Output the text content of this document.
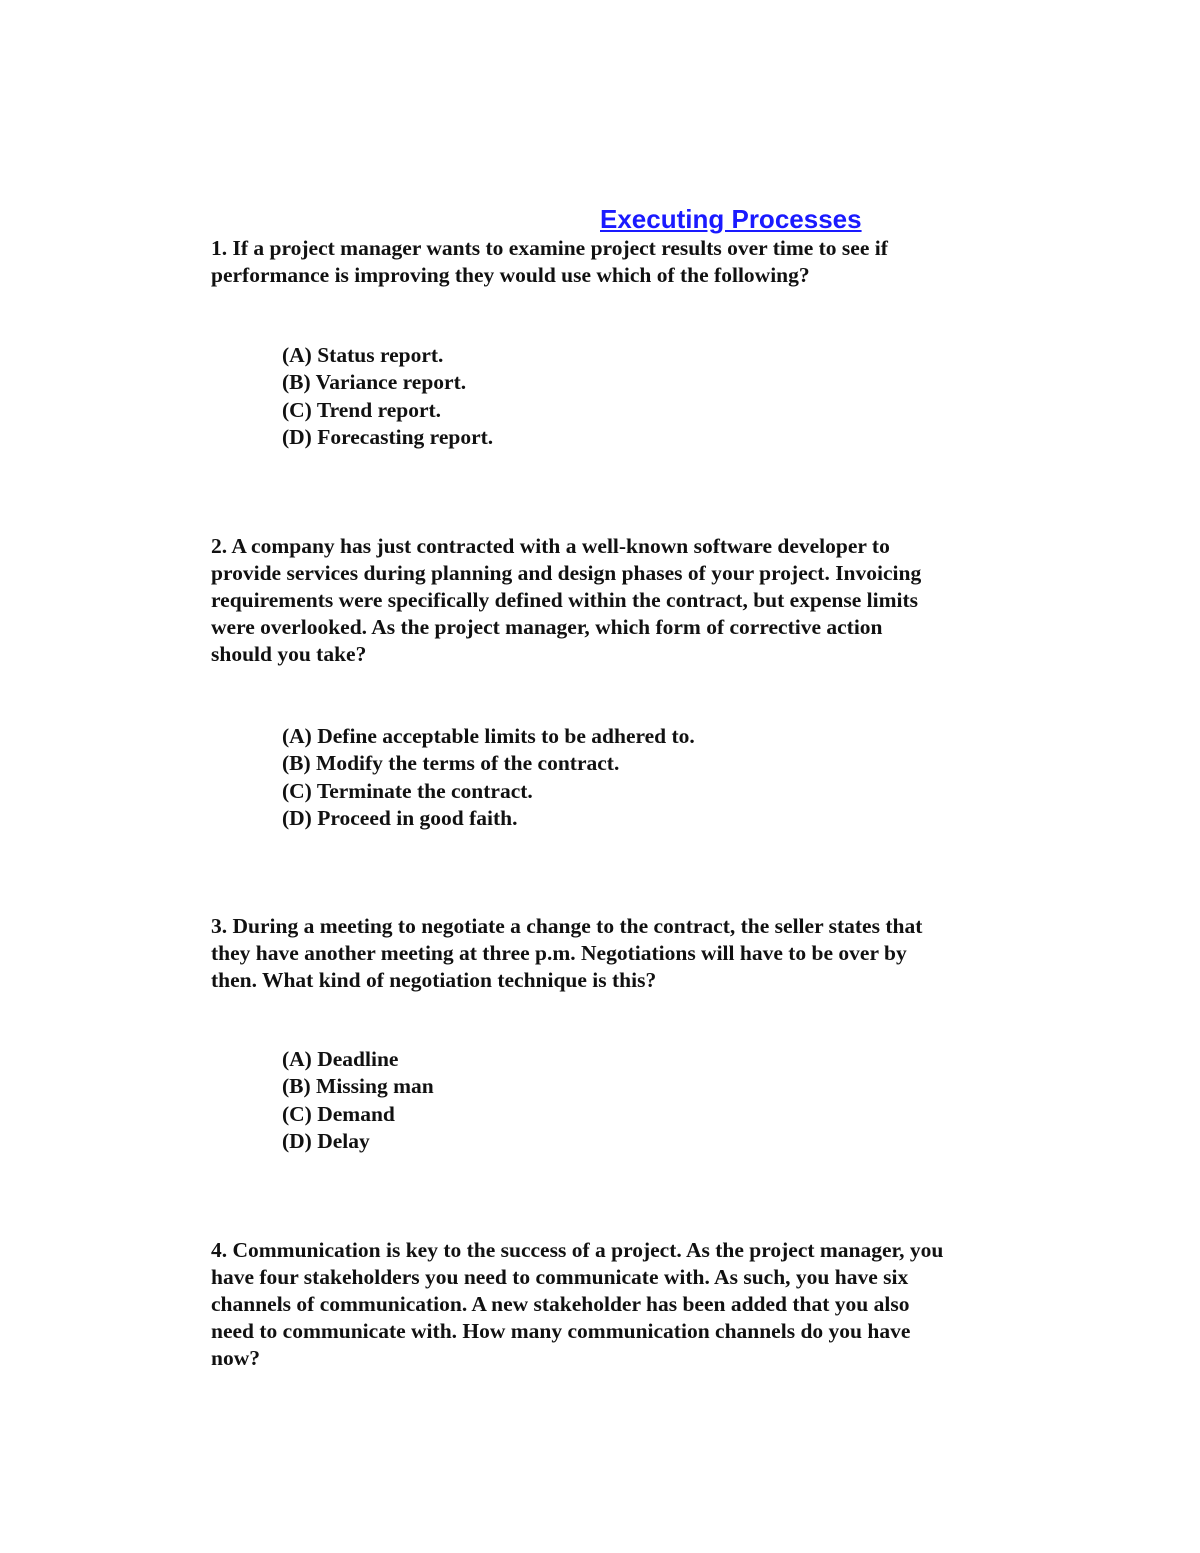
Executing Processes

1. If a project manager wants to examine project results over time to see if
performance is improving they would use which of the following?

(A) Status report.
(B) Variance report.
(C) Trend report.
(D) Forecasting report.

2. A company has just contracted with a well-known software developer to
provide services during planning and design phases of your project. Invoicing
requirements were specifically defined within the contract, but expense limits
were overlooked. As the project manager, which form of corrective action
should you take?

(A) Define acceptable limits to be adhered to.
(B) Modify the terms of the contract.
(C) Terminate the contract.
(D) Proceed in good faith.

3. During a meeting to negotiate a change to the contract, the seller states that
they have another meeting at three p.m. Negotiations will have to be over by
then. What kind of negotiation technique is this?

(A) Deadline
(B) Missing man
(C) Demand
(D) Delay

4. Communication is key to the success of a project. As the project manager, you
have four stakeholders you need to communicate with. As such, you have six
channels of communication. A new stakeholder has been added that you also
need to communicate with. How many communication channels do you have
now?
